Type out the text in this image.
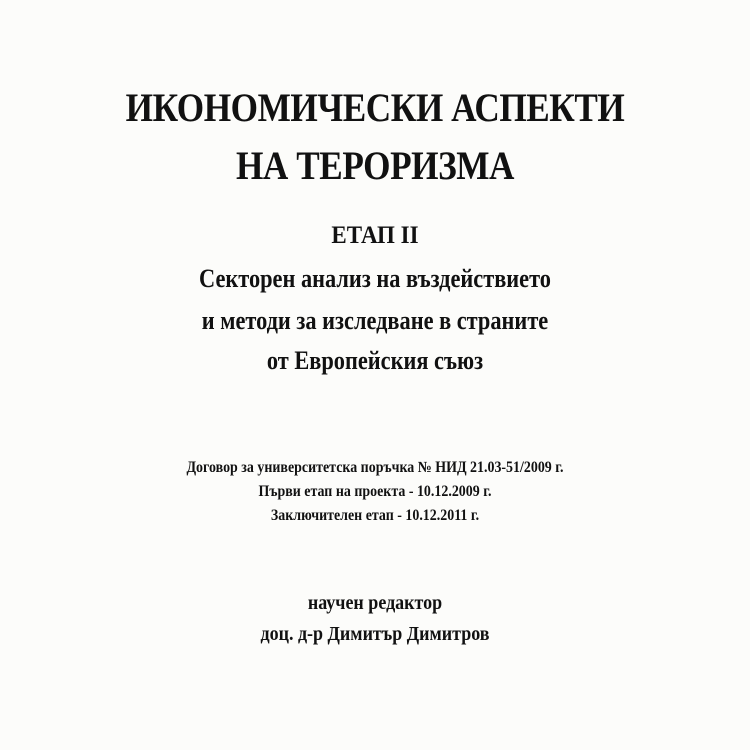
ИКОНОМИЧЕСКИ АСПЕКТИ
НА ТЕРОРИЗМА
ЕТАП II
Секторен анализ на въздействието
и методи за изследване в страните
от Европейския съюз
Договор за университетска поръчка № НИД 21.03-51/2009 г.
Първи етап на проекта - 10.12.2009 г.
Заключителен етап - 10.12.2011 г.
научен редактор
доц. д-р Димитър Димитров
